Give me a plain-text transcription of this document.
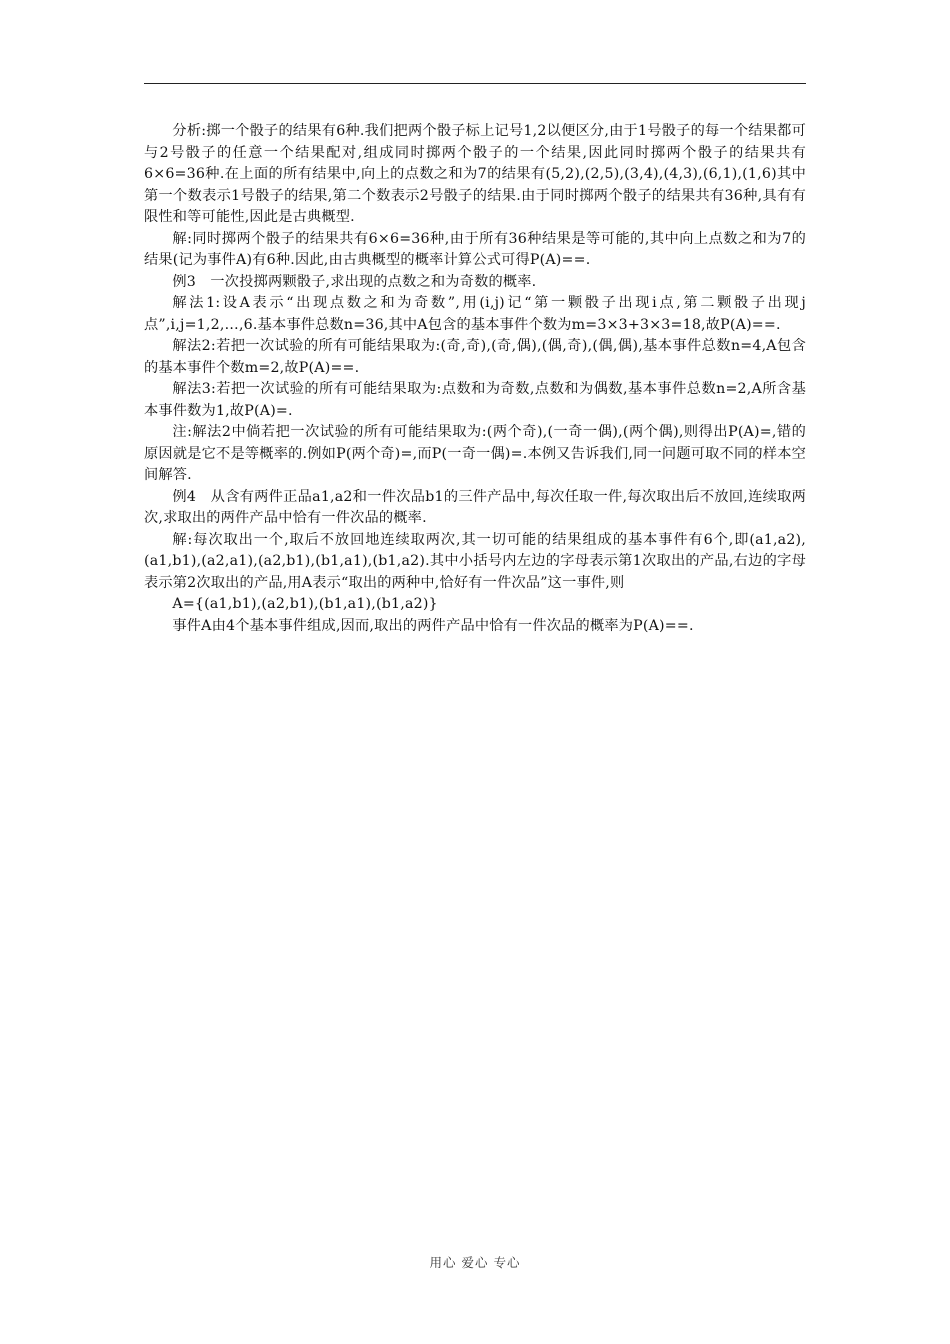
分析:掷一个骰子的结果有6种.我们把两个骰子标上记号1,2以便区分,由于1号骰子的每一个结果都可与2号骰子的任意一个结果配对,组成同时掷两个骰子的一个结果,因此同时掷两个骰子的结果共有6×6=36种.在上面的所有结果中,向上的点数之和为7的结果有(5,2),(2,5),(3,4),(4,3),(6,1),(1,6)其中第一个数表示1号骰子的结果,第二个数表示2号骰子的结果.由于同时掷两个骰子的结果共有36种,具有有限性和等可能性,因此是古典概型.

解:同时掷两个骰子的结果共有6×6=36种,由于所有36种结果是等可能的,其中向上点数之和为7的结果(记为事件A)有6种.因此,由古典概型的概率计算公式可得P(A)==.

例3　一次投掷两颗骰子,求出现的点数之和为奇数的概率.

解法1:设A表示“出现点数之和为奇数”,用(i,j)记“第一颗骰子出现i点,第二颗骰子出现j点”,i,j=1,2,…,6.基本事件总数n=36,其中A包含的基本事件个数为m=3×3+3×3=18,故P(A)==.

解法2:若把一次试验的所有可能结果取为:(奇,奇),(奇,偶),(偶,奇),(偶,偶),基本事件总数n=4,A包含的基本事件个数m=2,故P(A)==.

解法3:若把一次试验的所有可能结果取为:点数和为奇数,点数和为偶数,基本事件总数n=2,A所含基本事件数为1,故P(A)=.

注:解法2中倘若把一次试验的所有可能结果取为:(两个奇),(一奇一偶),(两个偶),则得出P(A)=,错的原因就是它不是等概率的.例如P(两个奇)=,而P(一奇一偶)=.本例又告诉我们,同一问题可取不同的样本空间解答.

例4　从含有两件正品a1,a2和一件次品b1的三件产品中,每次任取一件,每次取出后不放回,连续取两次,求取出的两件产品中恰有一件次品的概率.

解:每次取出一个,取后不放回地连续取两次,其一切可能的结果组成的基本事件有6个,即(a1,a2),(a1,b1),(a2,a1),(a2,b1),(b1,a1),(b1,a2).其中小括号内左边的字母表示第1次取出的产品,右边的字母表示第2次取出的产品,用A表示“取出的两种中,恰好有一件次品”这一事件,则

A={(a1,b1),(a2,b1),(b1,a1),(b1,a2)}

事件A由4个基本事件组成,因而,取出的两件产品中恰有一件次品的概率为P(A)==.

用心 爱心 专心
